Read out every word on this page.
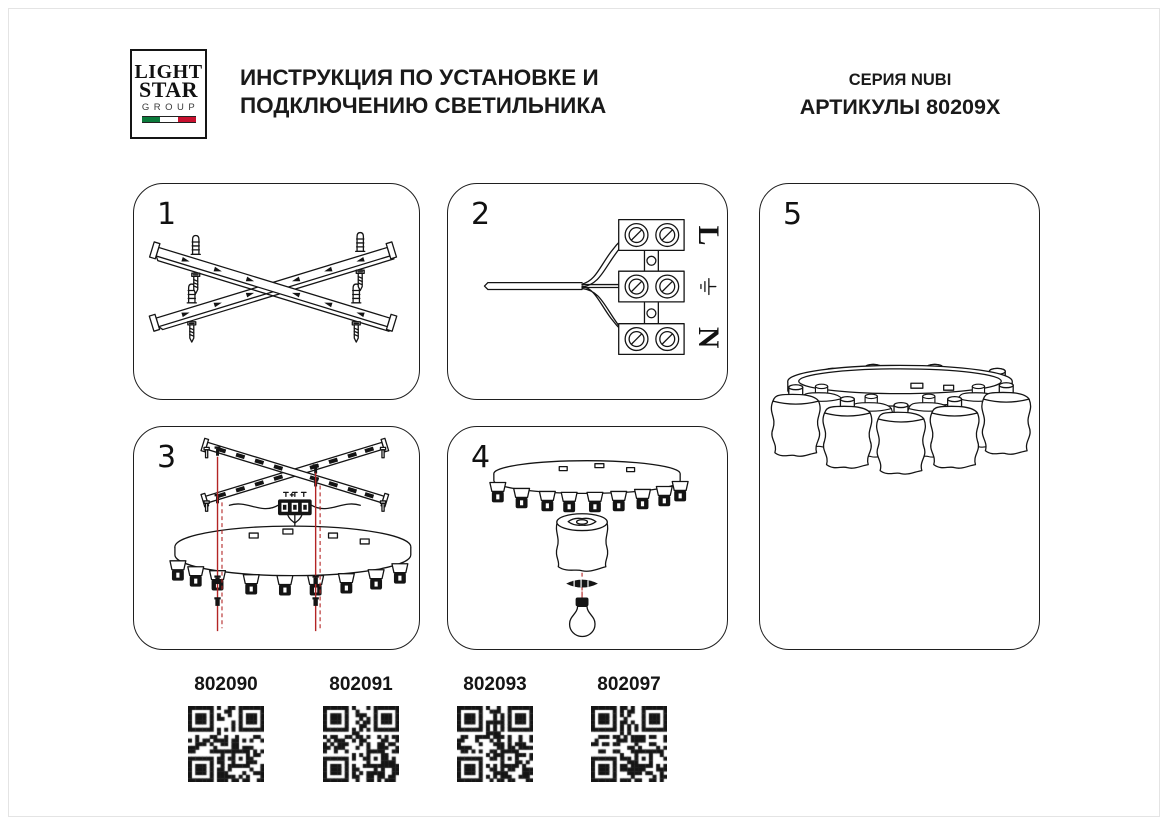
LIGHT
STAR
GROUP
ИНСТРУКЦИЯ ПО УСТАНОВКЕ И
ПОДКЛЮЧЕНИЮ СВЕТИЛЬНИКА
СЕРИЯ NUBI
АРТИКУЛЫ 80209X
1
L
N
2
3	4
5
802090	802091	802093	802097
